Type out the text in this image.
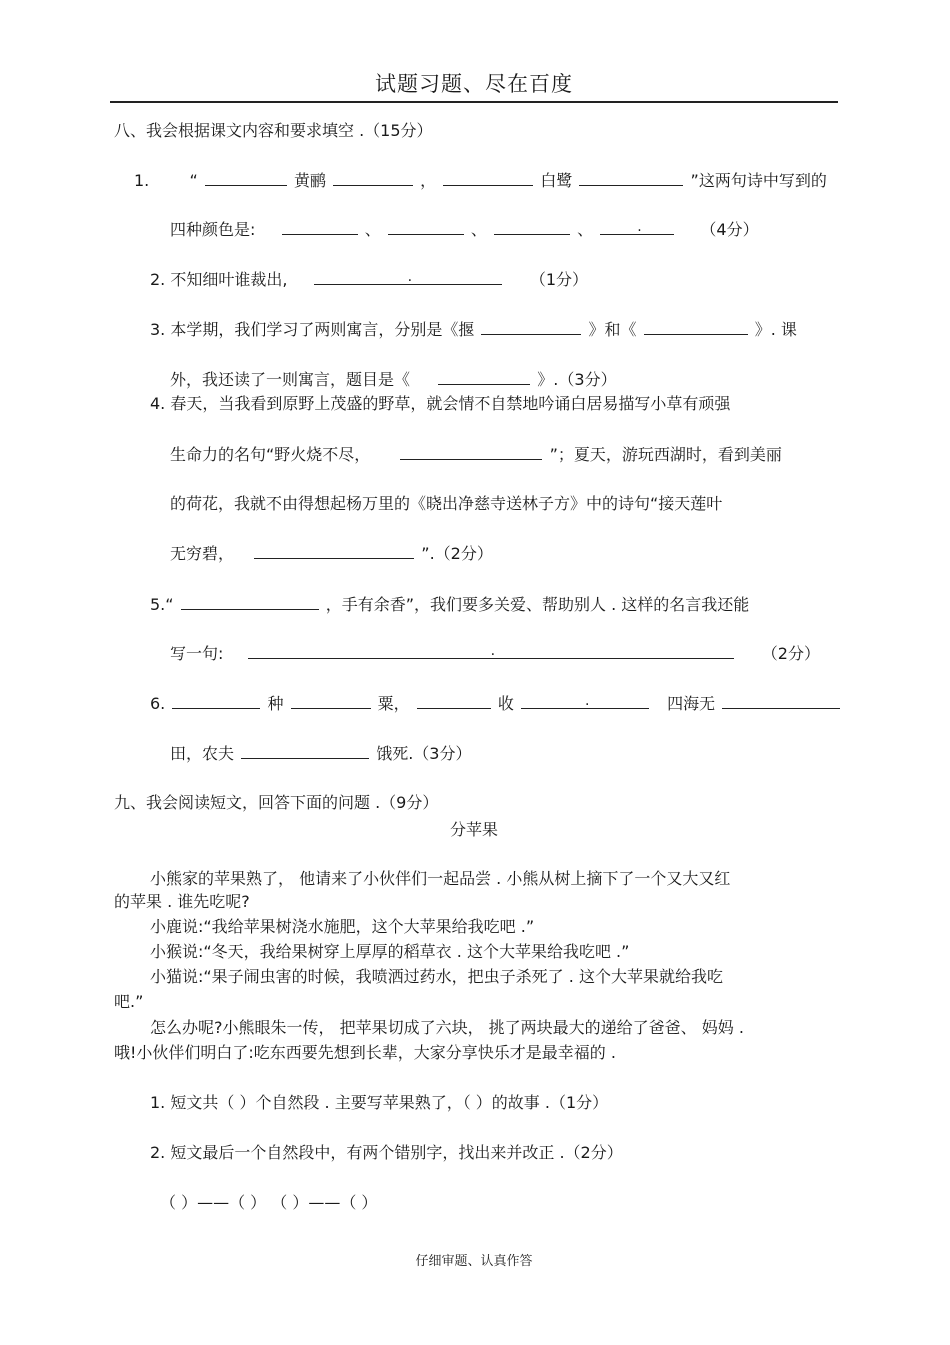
试题习题、尽在百度
八、我会根据课文内容和要求填空 .（15分）
1.	“	黄鹂	，	白鹭	”这两句诗中写到的
四种颜色是:	、	、	、	.	（4分）
2. 不知细叶谁裁出,	.	（1分）
3. 本学期，我们学习了两则寓言，分别是《揠	》和《	》. 课
外，我还读了一则寓言，题目是《	》.（3分）
4. 春天，当我看到原野上茂盛的野草，就会情不自禁地吟诵白居易描写小草有顽强
生命力的名句“野火烧不尽，	”；夏天，游玩西湖时，看到美丽
的荷花，我就不由得想起杨万里的《晓出净慈寺送林子方》中的诗句“接天莲叶
无穷碧，	”.（2分）
5.“	，手有余香”，我们要多关爱、帮助别人 . 这样的名言我还能
写一句:	.	（2分）
6.	种	粟，	收	.	四海无
田，农夫	饿死.（3分）
九、我会阅读短文，回答下面的问题 .（9分）
分苹果
小熊家的苹果熟了， 他请来了小伙伴们一起品尝 . 小熊从树上摘下了一个又大又红
的苹果 . 谁先吃呢?
小鹿说:“我给苹果树浇水施肥，这个大苹果给我吃吧 .”
小猴说:“冬天，我给果树穿上厚厚的稻草衣 . 这个大苹果给我吃吧 .”
小猫说:“果子闹虫害的时候，我喷洒过药水，把虫子杀死了 . 这个大苹果就给我吃
吧.”
怎么办呢?小熊眼朱一传， 把苹果切成了六块， 挑了两块最大的递给了爸爸、 妈妈 .
哦!小伙伴们明白了:吃东西要先想到长辈，大家分享快乐才是最幸福的 .
1. 短文共（ ）个自然段 . 主要写苹果熟了，（ ）的故事 .（1分）
2. 短文最后一个自然段中，有两个错别字，找出来并改正 .（2分）
（ ）——（ ） （ ）——（ ）
仔细审题、认真作答
